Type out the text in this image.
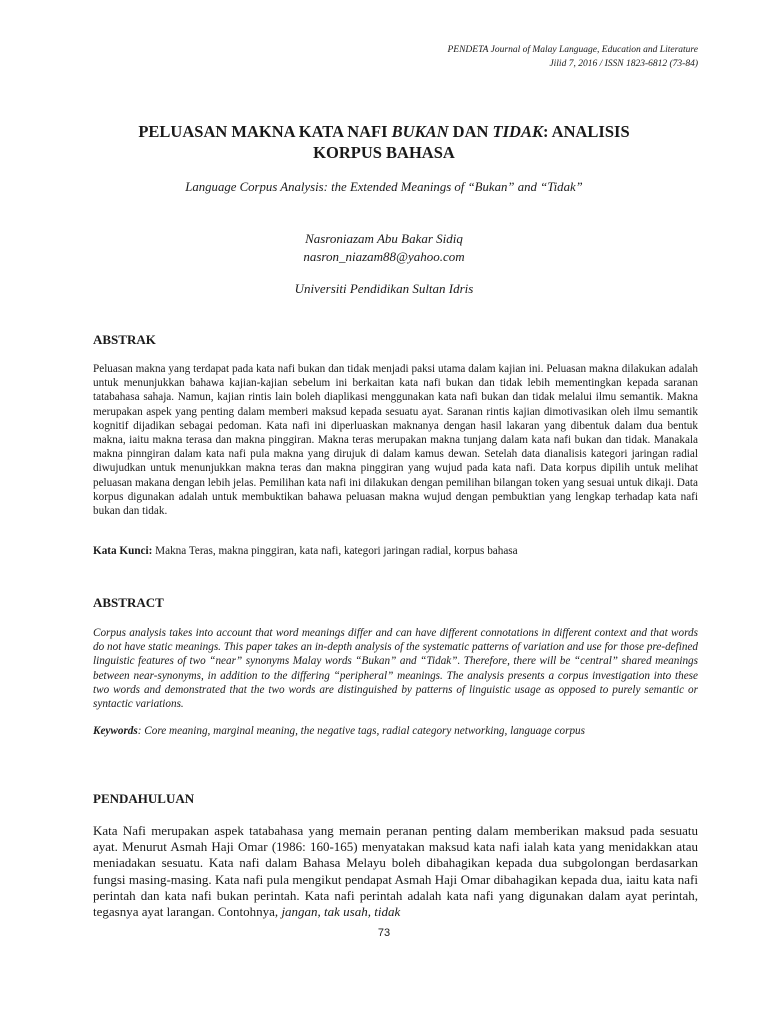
PENDETA Journal of Malay Language, Education and Literature
Jilid 7, 2016 / ISSN 1823-6812 (73-84)
PELUASAN MAKNA KATA NAFI BUKAN DAN TIDAK: ANALISIS
KORPUS BAHASA
Language Corpus Analysis: the Extended Meanings of “Bukan” and “Tidak”
Nasroniazam Abu Bakar Sidiq
nasron_niazam88@yahoo.com
Universiti Pendidikan Sultan Idris
ABSTRAK
Peluasan makna yang terdapat pada kata nafi bukan dan tidak menjadi paksi utama dalam kajian ini. Peluasan makna dilakukan adalah untuk menunjukkan bahawa kajian-kajian sebelum ini berkaitan kata nafi bukan dan tidak lebih mementingkan kepada saranan tatabahasa sahaja. Namun, kajian rintis lain boleh diaplikasi menggunakan kata nafi bukan dan tidak melalui ilmu semantik. Makna merupakan aspek yang penting dalam memberi maksud kepada sesuatu ayat. Saranan rintis kajian dimotivasikan oleh ilmu semantik kognitif dijadikan sebagai pedoman. Kata nafi ini diperluaskan maknanya dengan hasil lakaran yang dibentuk dalam dua bentuk makna, iaitu makna terasa dan makna pinggiran. Makna teras merupakan makna tunjang dalam kata nafi bukan dan tidak. Manakala makna pinngiran dalam kata nafi pula makna yang dirujuk di dalam kamus dewan. Setelah data dianalisis kategori jaringan radial diwujudkan untuk menunjukkan makna teras dan makna pinggiran yang wujud pada kata nafi. Data korpus dipilih untuk melihat peluasan makana dengan lebih jelas. Pemilihan kata nafi ini dilakukan dengan pemilihan bilangan token yang sesuai untuk dikaji. Data korpus digunakan adalah untuk membuktikan bahawa peluasan makna wujud dengan pembuktian yang lengkap terhadap kata nafi bukan dan tidak.
Kata Kunci: Makna Teras, makna pinggiran, kata nafi, kategori jaringan radial, korpus bahasa
ABSTRACT
Corpus analysis takes into account that word meanings differ and can have different connotations in different context and that words do not have static meanings. This paper takes an in-depth analysis of the systematic patterns of variation and use for those pre-defined linguistic features of two “near” synonyms Malay words “Bukan” and “Tidak”. Therefore, there will be “central” shared meanings between near-synonyms, in addition to the differing “peripheral” meanings. The analysis presents a corpus investigation into these two words and demonstrated that the two words are distinguished by patterns of linguistic usage as opposed to purely semantic or syntactic variations.
Keywords: Core meaning, marginal meaning, the negative tags, radial category networking, language corpus
PENDAHULUAN
Kata Nafi merupakan aspek tatabahasa yang memain peranan penting dalam memberikan maksud pada sesuatu ayat. Menurut Asmah Haji Omar (1986: 160-165) menyatakan maksud kata nafi ialah kata yang menidakkan atau meniadakan sesuatu. Kata nafi dalam Bahasa Melayu boleh dibahagikan kepada dua subgolongan berdasarkan fungsi masing-masing. Kata nafi pula mengikut pendapat Asmah Haji Omar dibahagikan kepada dua, iaitu kata nafi perintah dan kata nafi bukan perintah. Kata nafi perintah adalah kata nafi yang digunakan dalam ayat perintah, tegasnya ayat larangan. Contohnya, jangan, tak usah, tidak
73
